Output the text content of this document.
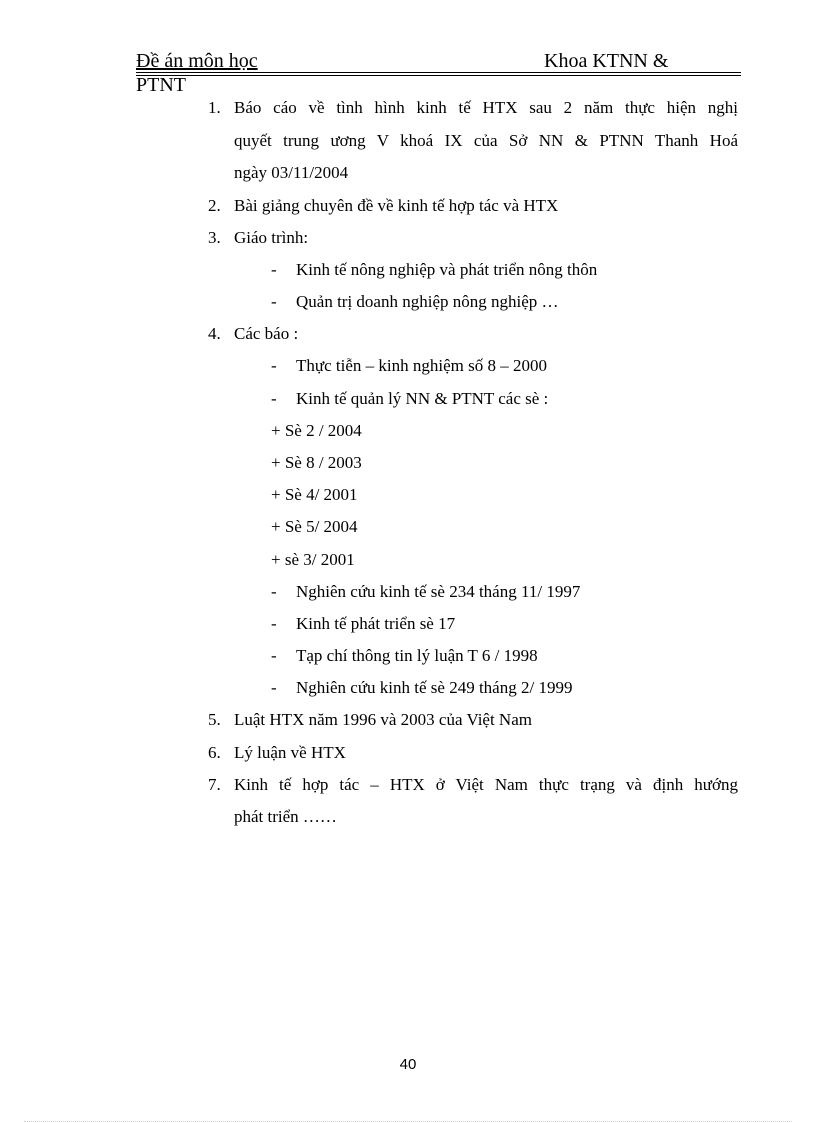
Đề án môn học	Khoa KTNN &
PTNT
1. Báo cáo về tình hình kinh tế HTX sau 2 năm thực hiện nghị
quyết trung ương V khoá IX của Sở NN & PTNN Thanh Hoá
ngày 03/11/2004
2. Bài giảng chuyên đề về kinh tế hợp tác và HTX
3. Giáo trình:
- Kinh tế nông nghiệp và phát triển nông thôn
- Quản trị doanh nghiệp nông nghiệp …
4. Các báo :
- Thực tiễn – kinh nghiệm số 8 – 2000
- Kinh tế quản lý NN & PTNT các sè :
+ Sè 2 / 2004
+ Sè 8 / 2003
+ Sè 4/ 2001
+ Sè 5/ 2004
+ sè 3/ 2001
- Nghiên cứu kinh tế sè 234 tháng 11/ 1997
- Kinh tế phát triển sè 17
- Tạp chí thông tin lý luận T 6 / 1998
- Nghiên cứu kinh tế sè 249 tháng 2/ 1999
5. Luật HTX năm 1996 và 2003 của Việt Nam
6. Lý luận về HTX
7. Kinh tế hợp tác – HTX ở Việt Nam thực trạng và định hướng
phát triển ……
40
